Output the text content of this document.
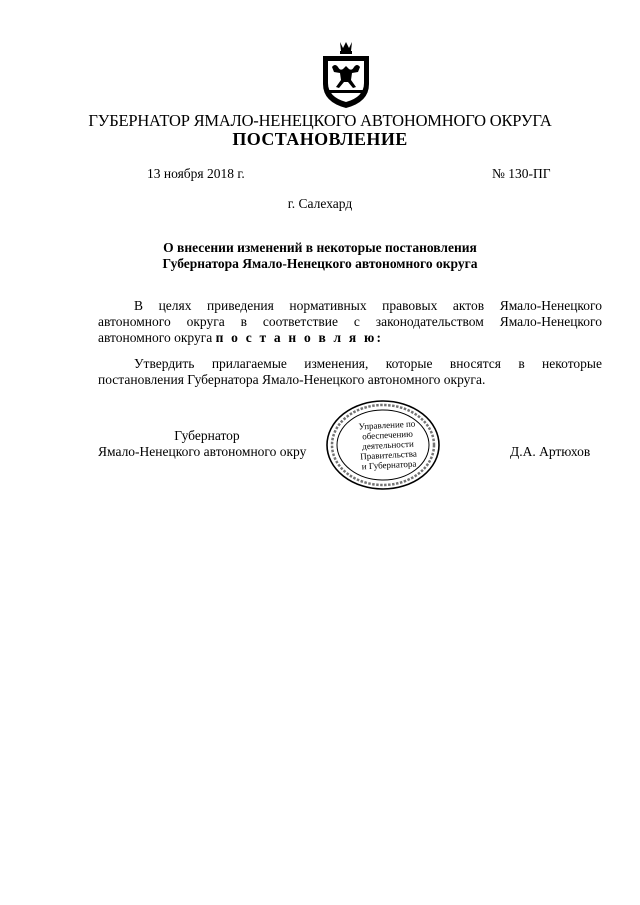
ГУБЕРНАТОР ЯМАЛО-НЕНЕЦКОГО АВТОНОМНОГО ОКРУГА
ПОСТАНОВЛЕНИЕ
13 ноября 2018 г.	№ 130-ПГ
г. Салехард
О внесении изменений в некоторые постановления
Губернатора Ямало-Ненецкого автономного округа
В целях приведения нормативных правовых актов Ямало-Ненецкого
автономного округа в соответствие с законодательством Ямало-Ненецкого
автономного округа п о с т а н о в л я ю:
Утвердить прилагаемые изменения, которые вносятся в некоторые
постановления Губернатора Ямало-Ненецкого автономного округа.
Губернатор
Ямало-Ненецкого автономного окру
Управление по
обеспечению
деятельности
Правительства
и Губернатора
Д.А. Артюхов
